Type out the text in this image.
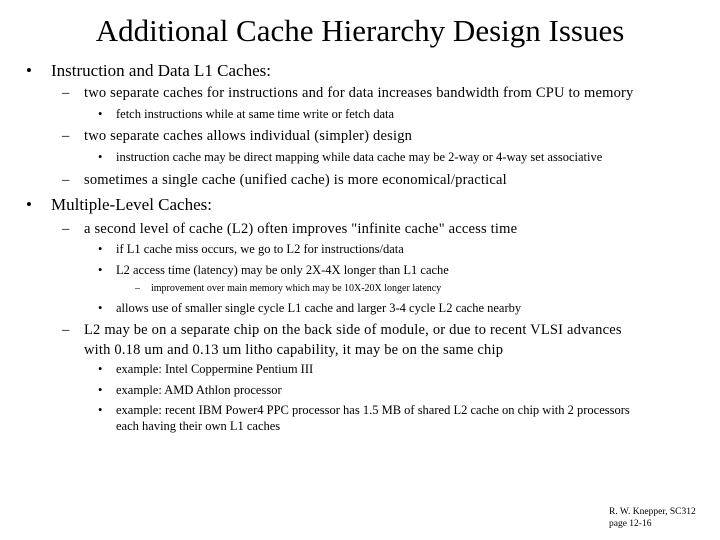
Additional Cache Hierarchy Design Issues
• Instruction and Data L1 Caches:
– two separate caches for instructions and for data increases bandwidth from CPU to memory
• fetch instructions while at same time write or fetch data
– two separate caches allows individual (simpler) design
• instruction cache may be direct mapping while data cache may be 2-way or 4-way set associative
– sometimes a single cache (unified cache) is more economical/practical
• Multiple-Level Caches:
– a second level of cache (L2) often improves "infinite cache" access time
• if L1 cache miss occurs, we go to L2 for instructions/data
• L2 access time (latency) may be only 2X-4X longer than L1 cache
– improvement over main memory which may be 10X-20X longer latency
• allows use of smaller single cycle L1 cache and larger 3-4 cycle L2 cache nearby
– L2 may be on a separate chip on the back side of module, or due to recent VLSI advances
with 0.18 um and 0.13 um litho capability, it may be on the same chip
• example: Intel Coppermine Pentium III
• example: AMD Athlon processor
• example: recent IBM Power4 PPC processor has 1.5 MB of shared L2 cache on chip with 2 processors each having their own L1 caches
R. W. Knepper, SC312
page 12-16
